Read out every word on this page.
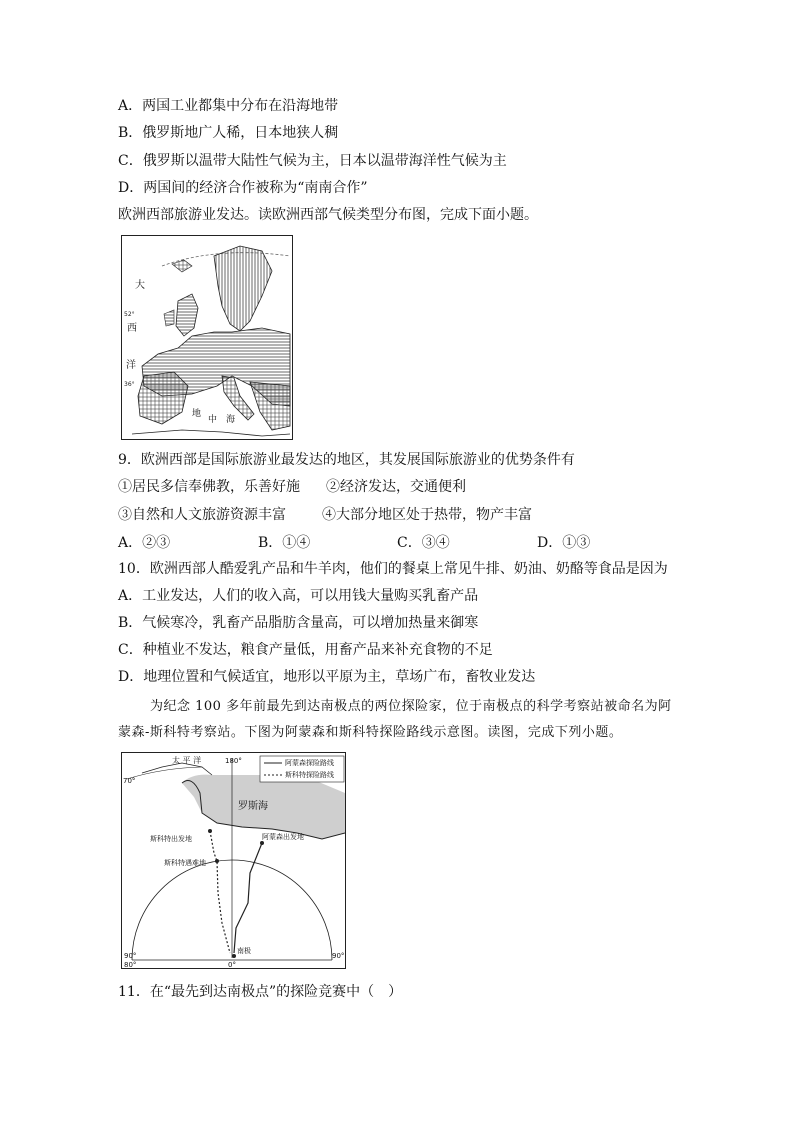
A．两国工业都集中分布在沿海地带
B．俄罗斯地广人稀，日本地狭人稠
C．俄罗斯以温带大陆性气候为主，日本以温带海洋性气候为主
D．两国间的经济合作被称为“南南合作”
欧洲西部旅游业发达。读欧洲西部气候类型分布图，完成下面小题。
52°
36°
大
西
洋
地
中 海
9．欧洲西部是国际旅游业最发达的地区，其发展国际旅游业的优势条件有
①居民多信奉佛教，乐善好施 ②经济发达，交通便利
③自然和人文旅游资源丰富	④大部分地区处于热带，物产丰富
A．②③	B．①④	C．③④	D．①③
10．欧洲西部人酷爱乳产品和牛羊肉，他们的餐桌上常见牛排、奶油、奶酪等食品是因为
A．工业发达，人们的收入高，可以用钱大量购买乳畜产品
B．气候寒冷，乳畜产品脂肪含量高，可以增加热量来御寒
C．种植业不发达，粮食产量低，用畜产品来补充食物的不足
D．地理位置和气候适宜，地形以平原为主，草场广布，畜牧业发达
为纪念 100 多年前最先到达南极点的两位探险家，位于南极点的科学考察站被命名为阿
蒙森-斯科特考察站。下图为阿蒙森和斯科特探险路线示意图。读图，完成下列小题。
阿蒙森探险路线
斯科特探险路线
太 平 洋	180°
70°
罗斯海
阿蒙森出发地
斯科特出发地
斯科特遇难地
南极
90°	90°
80°	0°
11．在“最先到达南极点”的探险竞赛中（　）
